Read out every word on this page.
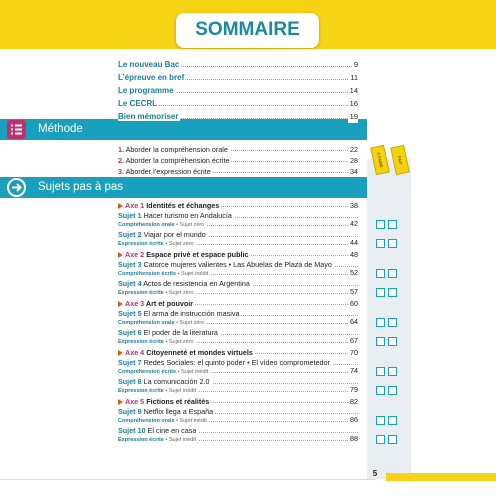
SOMMAIRE
À FAIRE	FAIT
Le nouveau Bac	9
L’épreuve en bref	11
Le programme	14
Le CECRL	16
Bien mémoriser	19
Méthode
1. Aborder la compréhension orale	22
2. Aborder la compréhension écrite	28
3. Aborder l’expression écrite	34
Sujets pas à pas
Axe 1 Identités et échanges	38
Sujet 1 Hacer turismo en Andalucía
Compréhension orale • Sujet zéro	42
Sujet 2 Viajar por el mundo
Expression écrite • Sujet zéro	44
Axe 2 Espace privé et espace public	48
Sujet 3 Catorce mujeres valientes • Las Abuelas de Plaza de Mayo
Compréhension écrite • Sujet inédit	52
Sujet 4 Actos de resistencia en Argentina
Expression écrite • Sujet zéro	57
Axe 3 Art et pouvoir	60
Sujet 5 El arma de instrucción masiva
Compréhension orale • Sujet zéro	64
Sujet 6 El poder de la literatura
Expression écrite • Sujet zéro	67
Axe 4 Citoyenneté et mondes virtuels	70
Sujet 7 Redes Sociales: el quinto poder • El vídeo comprometedor
Compréhension écrite • Sujet inédit	74
Sujet 8 La comunicación 2.0
Expression écrite • Sujet inédit	79
Axe 5 Fictions et réalités	82
Sujet 9 Netflix llega a España
Compréhension orale • Sujet inédit	86
Sujet 10 El cine en casa
Expression écrite • Sujet inédit	88
5
